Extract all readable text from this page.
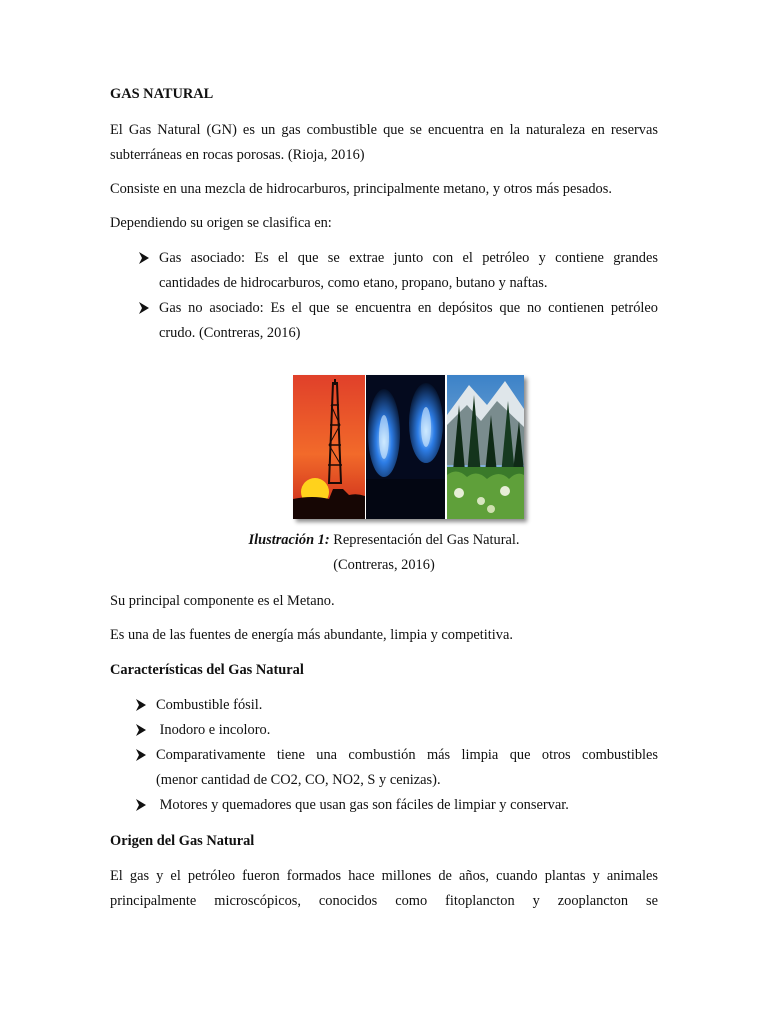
GAS NATURAL

El Gas Natural (GN) es un gas combustible que se encuentra en la naturaleza en reservas

subterráneas en rocas porosas. (Rioja, 2016)

Consiste en una mezcla de hidrocarburos, principalmente metano, y otros más pesados.

Dependiendo su origen se clasifica en:

Gas asociado: Es el que se extrae junto con el petróleo y contiene grandes

cantidades de hidrocarburos, como etano, propano, butano y naftas.

Gas no asociado: Es el que se encuentra en depósitos que no contienen petróleo

crudo. (Contreras, 2016)

Ilustración 1: Representación del Gas Natural.

(Contreras, 2016)

Su principal componente es el Metano.

Es una de las fuentes de energía más abundante, limpia y competitiva.

Características del Gas Natural

Combustible fósil.

Inodoro e incoloro.

Comparativamente tiene una combustión más limpia que otros combustibles

(menor cantidad de CO2, CO, NO2, S y cenizas).

Motores y quemadores que usan gas son fáciles de limpiar y conservar.

Origen del Gas Natural

El gas y el petróleo fueron formados hace millones de años, cuando plantas y animales

principalmente microscópicos, conocidos como fitoplancton y zooplancton se
